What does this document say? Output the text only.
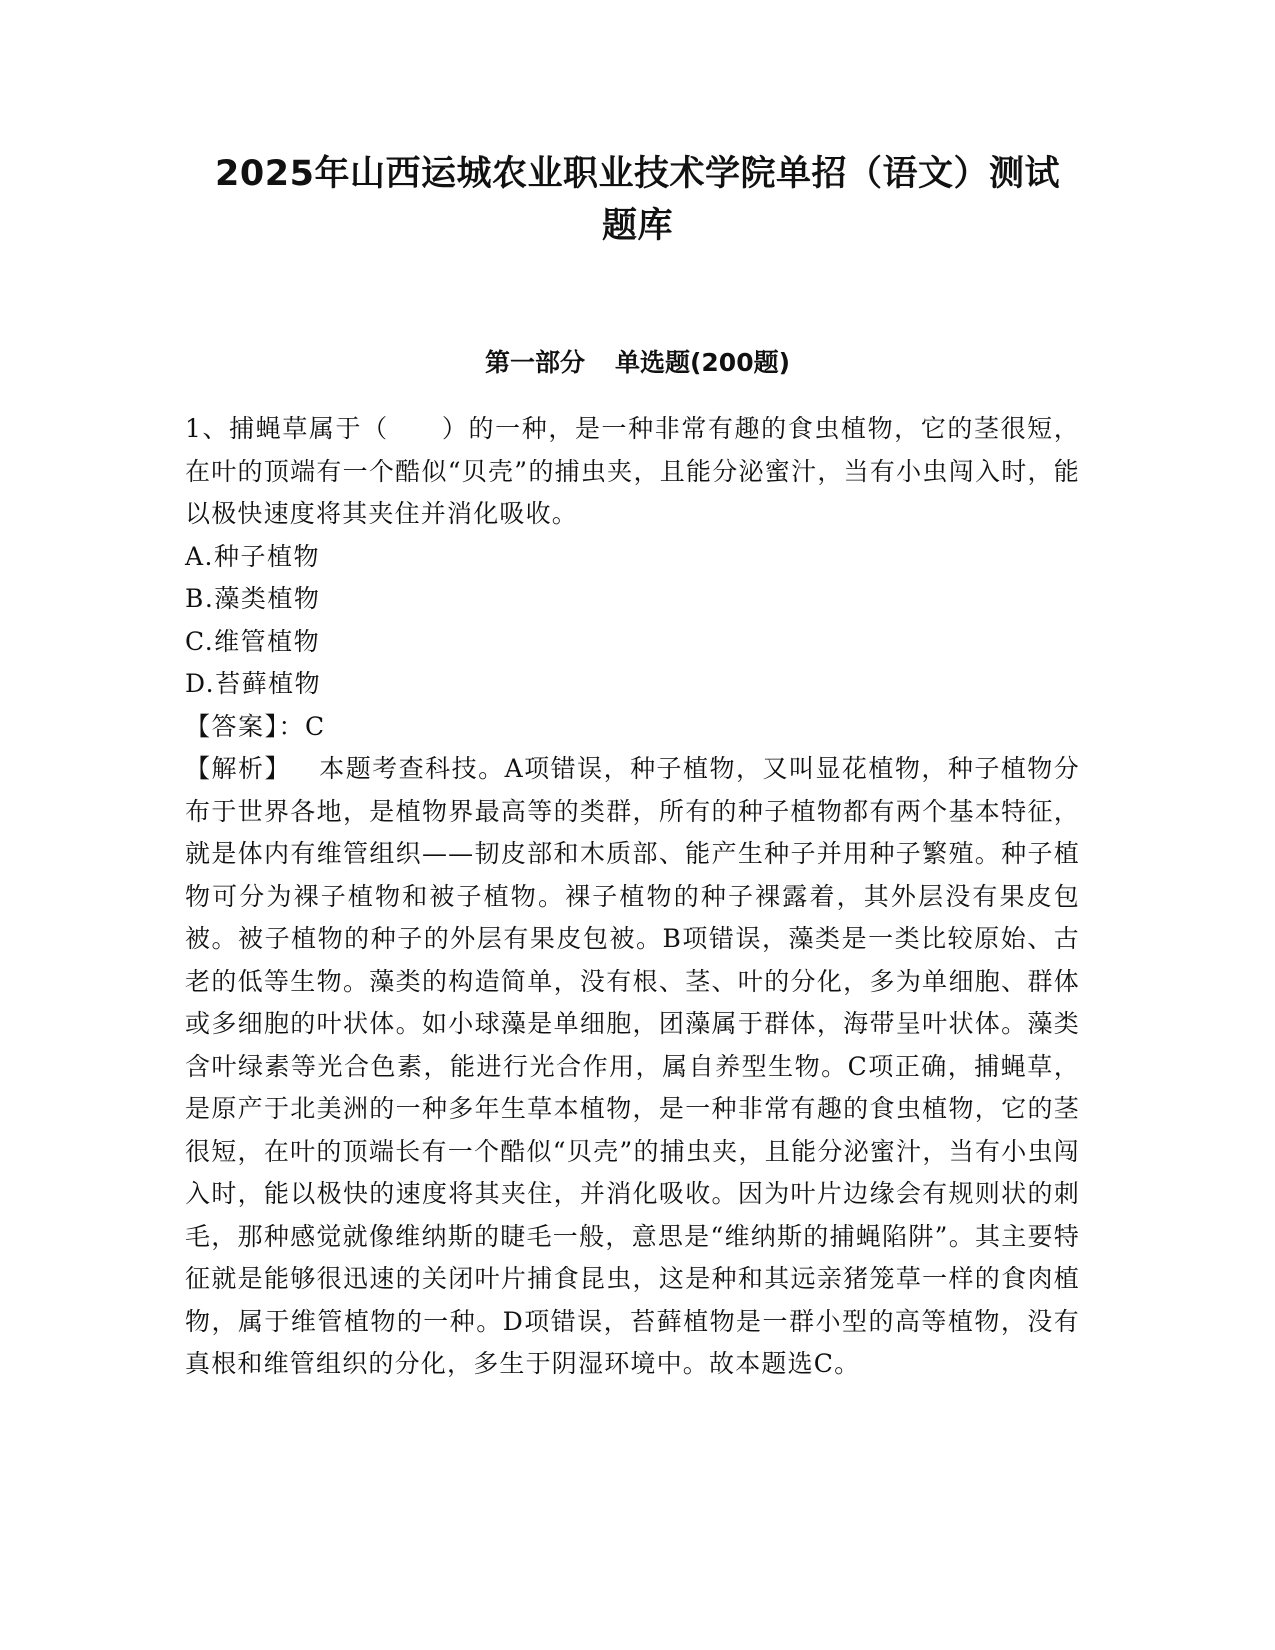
2025年山西运城农业职业技术学院单招（语文）测试
题库
第一部分 单选题(200题)

1、捕蝇草属于（　　）的一种，是一种非常有趣的食虫植物，它的茎很短，在叶的顶端有一个酷似“贝壳”的捕虫夹，且能分泌蜜汁，当有小虫闯入时，能以极快速度将其夹住并消化吸收。

A.种子植物
B.藻类植物
C.维管植物
D.苔藓植物

【答案】：C

【解析】 本题考查科技。A项错误，种子植物，又叫显花植物，种子植物分布于世界各地，是植物界最高等的类群，所有的种子植物都有两个基本特征，就是体内有维管组织——韧皮部和木质部、能产生种子并用种子繁殖。种子植物可分为裸子植物和被子植物。裸子植物的种子裸露着，其外层没有果皮包被。被子植物的种子的外层有果皮包被。B项错误，藻类是一类比较原始、古老的低等生物。藻类的构造简单，没有根、茎、叶的分化，多为单细胞、群体或多细胞的叶状体。如小球藻是单细胞，团藻属于群体，海带呈叶状体。藻类含叶绿素等光合色素，能进行光合作用，属自养型生物。C项正确，捕蝇草，是原产于北美洲的一种多年生草本植物，是一种非常有趣的食虫植物，它的茎很短，在叶的顶端长有一个酷似“贝壳”的捕虫夹，且能分泌蜜汁，当有小虫闯入时，能以极快的速度将其夹住，并消化吸收。因为叶片边缘会有规则状的刺毛，那种感觉就像维纳斯的睫毛一般，意思是“维纳斯的捕蝇陷阱”。其主要特征就是能够很迅速的关闭叶片捕食昆虫，这是种和其远亲猪笼草一样的食肉植物，属于维管植物的一种。D项错误，苔藓植物是一群小型的高等植物，没有真根和维管组织的分化，多生于阴湿环境中。故本题选C。
